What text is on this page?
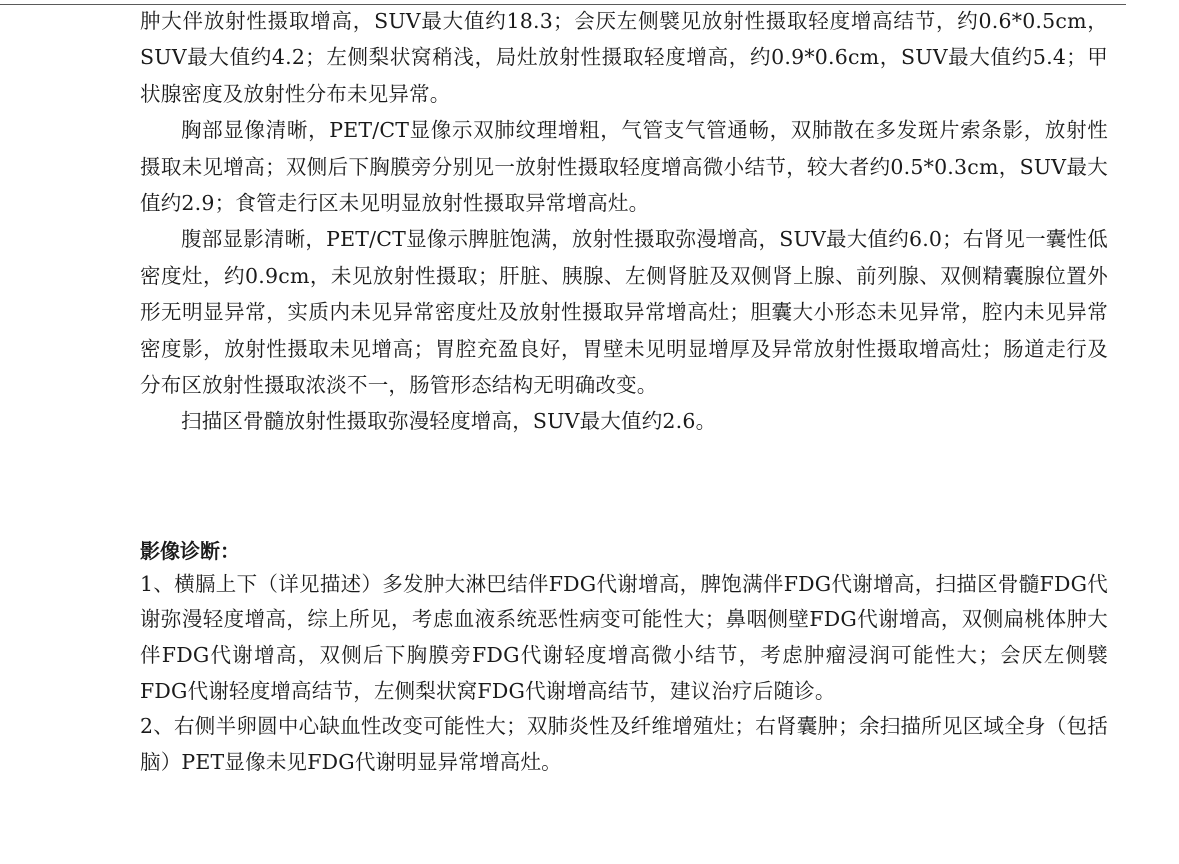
肿大伴放射性摄取增高，SUV最大值约18.3；会厌左侧襞见放射性摄取轻度增高结节，约0.6*0.5cm，SUV最大值约4.2；左侧梨状窝稍浅，局灶放射性摄取轻度增高，约0.9*0.6cm，SUV最大值约5.4；甲状腺密度及放射性分布未见异常。

胸部显像清晰，PET/CT显像示双肺纹理增粗，气管支气管通畅，双肺散在多发斑片索条影，放射性摄取未见增高；双侧后下胸膜旁分别见一放射性摄取轻度增高微小结节，较大者约0.5*0.3cm，SUV最大值约2.9；食管走行区未见明显放射性摄取异常增高灶。

腹部显影清晰，PET/CT显像示脾脏饱满，放射性摄取弥漫增高，SUV最大值约6.0；右肾见一囊性低密度灶，约0.9cm，未见放射性摄取；肝脏、胰腺、左侧肾脏及双侧肾上腺、前列腺、双侧精囊腺位置外形无明显异常，实质内未见异常密度灶及放射性摄取异常增高灶；胆囊大小形态未见异常，腔内未见异常密度影，放射性摄取未见增高；胃腔充盈良好，胃壁未见明显增厚及异常放射性摄取增高灶；肠道走行及分布区放射性摄取浓淡不一，肠管形态结构无明确改变。

扫描区骨髓放射性摄取弥漫轻度增高，SUV最大值约2.6。

影像诊断：

1、横膈上下（详见描述）多发肿大淋巴结伴FDG代谢增高，脾饱满伴FDG代谢增高，扫描区骨髓FDG代谢弥漫轻度增高，综上所见，考虑血液系统恶性病变可能性大；鼻咽侧壁FDG代谢增高，双侧扁桃体肿大伴FDG代谢增高，双侧后下胸膜旁FDG代谢轻度增高微小结节，考虑肿瘤浸润可能性大；会厌左侧襞FDG代谢轻度增高结节，左侧梨状窝FDG代谢增高结节，建议治疗后随诊。

2、右侧半卵圆中心缺血性改变可能性大；双肺炎性及纤维增殖灶；右肾囊肿；余扫描所见区域全身（包括脑）PET显像未见FDG代谢明显异常增高灶。
